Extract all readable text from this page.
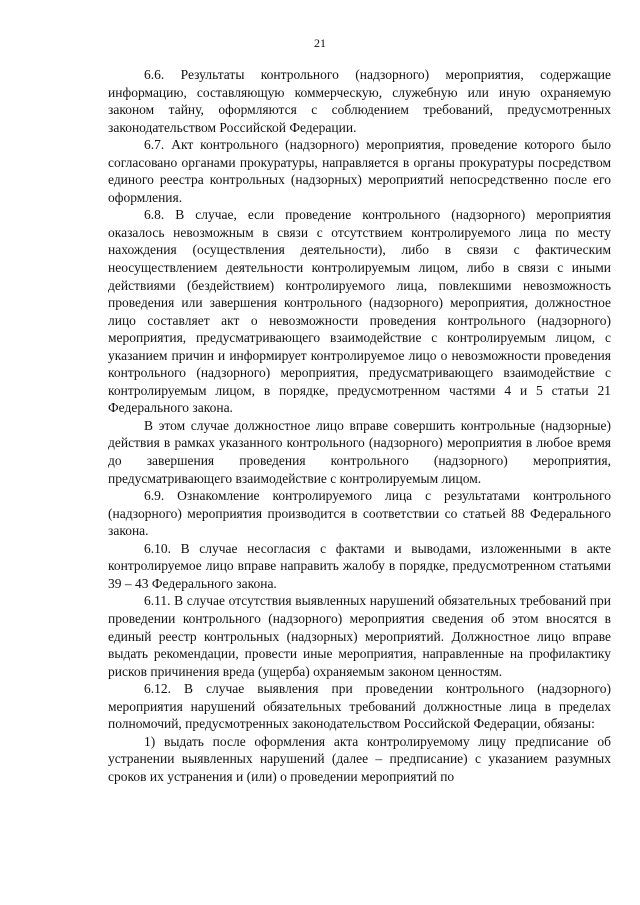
21

6.6. Результаты контрольного (надзорного) мероприятия, содержащие информацию, составляющую коммерческую, служебную или иную охраняемую законом тайну, оформляются с соблюдением требований, предусмотренных законодательством Российской Федерации.

6.7. Акт контрольного (надзорного) мероприятия, проведение которого было согласовано органами прокуратуры, направляется в органы прокуратуры посредством единого реестра контрольных (надзорных) мероприятий непосредственно после его оформления.

6.8. В случае, если проведение контрольного (надзорного) мероприятия оказалось невозможным в связи с отсутствием контролируемого лица по месту нахождения (осуществления деятельности), либо в связи с фактическим неосуществлением деятельности контролируемым лицом, либо в связи с иными действиями (бездействием) контролируемого лица, повлекшими невозможность проведения или завершения контрольного (надзорного) мероприятия, должностное лицо составляет акт о невозможности проведения контрольного (надзорного) мероприятия, предусматривающего взаимодействие с контролируемым лицом, с указанием причин и информирует контролируемое лицо о невозможности проведения контрольного (надзорного) мероприятия, предусматривающего взаимодействие с контролируемым лицом, в порядке, предусмотренном частями 4 и 5 статьи 21 Федерального закона.

В этом случае должностное лицо вправе совершить контрольные (надзорные) действия в рамках указанного контрольного (надзорного) мероприятия в любое время до завершения проведения контрольного (надзорного) мероприятия, предусматривающего взаимодействие с контролируемым лицом.

6.9. Ознакомление контролируемого лица с результатами контрольного (надзорного) мероприятия производится в соответствии со статьей 88 Федерального закона.

6.10. В случае несогласия с фактами и выводами, изложенными в акте контролируемое лицо вправе направить жалобу в порядке, предусмотренном статьями 39 – 43 Федерального закона.

6.11. В случае отсутствия выявленных нарушений обязательных требований при проведении контрольного (надзорного) мероприятия сведения об этом вносятся в единый реестр контрольных (надзорных) мероприятий. Должностное лицо вправе выдать рекомендации, провести иные мероприятия, направленные на профилактику рисков причинения вреда (ущерба) охраняемым законом ценностям.

6.12. В случае выявления при проведении контрольного (надзорного) мероприятия нарушений обязательных требований должностные лица в пределах полномочий, предусмотренных законодательством Российской Федерации, обязаны:

1) выдать после оформления акта контролируемому лицу предписание об устранении выявленных нарушений (далее – предписание) с указанием разумных сроков их устранения и (или) о проведении мероприятий по
